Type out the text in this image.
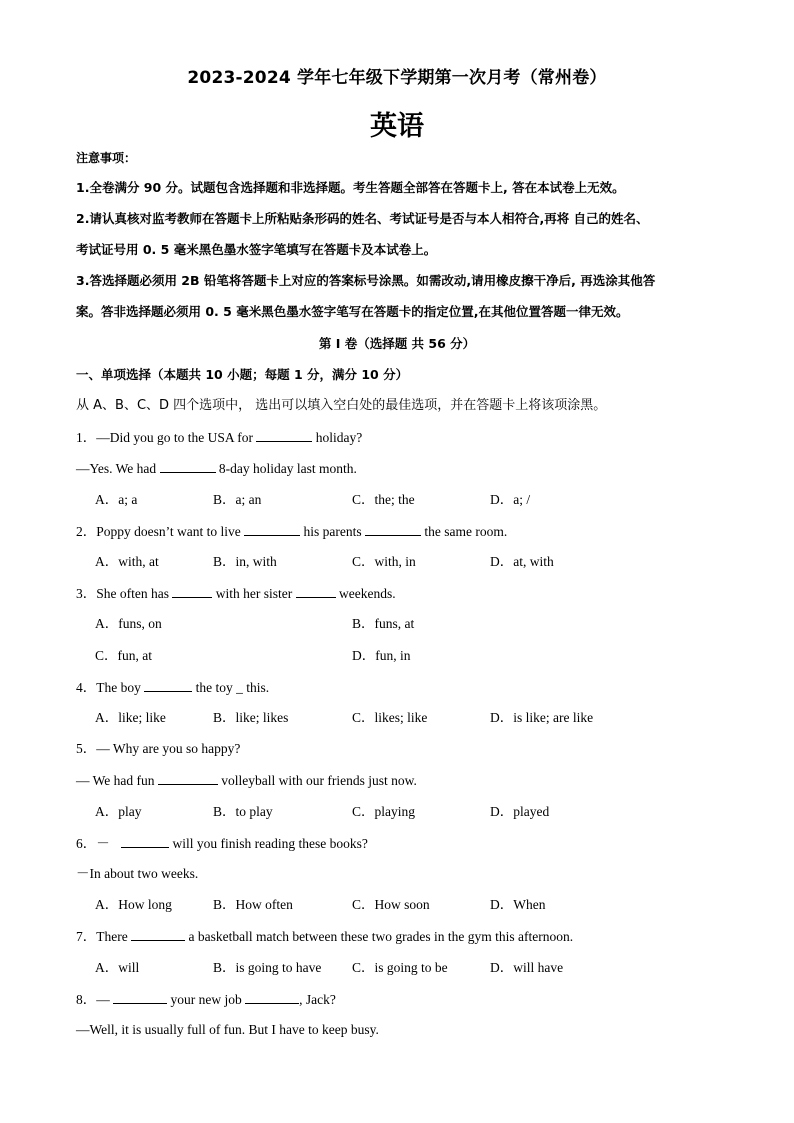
2023-2024 学年七年级下学期第一次月考（常州卷）
英语
注意事项：
1.全卷满分 90 分。试题包含选择题和非选择题。考生答题全部答在答题卡上, 答在本试卷上无效。
2.请认真核对监考教师在答题卡上所粘贴条形码的姓名、考试证号是否与本人相符合,再将 自己的姓名、
考试证号用 0. 5 毫米黑色墨水签字笔填写在答题卡及本试卷上。
3.答选择题必须用 2B 铅笔将答题卡上对应的答案标号涂黑。如需改动,请用橡皮擦干净后, 再选涂其他答
案。答非选择题必须用 0. 5 毫米黑色墨水签字笔写在答题卡的指定位置,在其他位置答题一律无效。
第 I 卷（选择题 共 56 分）
一、单项选择（本题共 10 小题；每题 1 分，满分 10 分）
从 A、B、C、D 四个选项中， 选出可以填入空白处的最佳选项，并在答题卡上将该项涂黑。
1．—Did you go to the USA for	holiday?
—Yes. We had	8-day holiday last month.
A．a; a	B．a; an	C．the; the	D．a; /
2．Poppy doesn’t want to live	his parents	the same room.
A．with, at	B．in, with	C．with, in	D．at, with
3．She often has	with her sister	weekends.
A．funs, on	B．funs, at
C．fun, at	D．fun, in
4．The boy	the toy _ this.
A．like; like	B．like; likes	C．likes; like	D．is like; are like
5．— Why are you so happy?
— We had fun	volleyball with our friends just now.
A．play	B．to play	C．playing	D．played
6．－	will you finish reading these books?
－In about two weeks.
A．How long	B．How often	C．How soon	D．When
7．There	a basketball match between these two grades in the gym this afternoon.
A．will	B．is going to have C．is going to be	D．will have
8．—	your new job	, Jack?
—Well, it is usually full of fun. But I have to keep busy.
